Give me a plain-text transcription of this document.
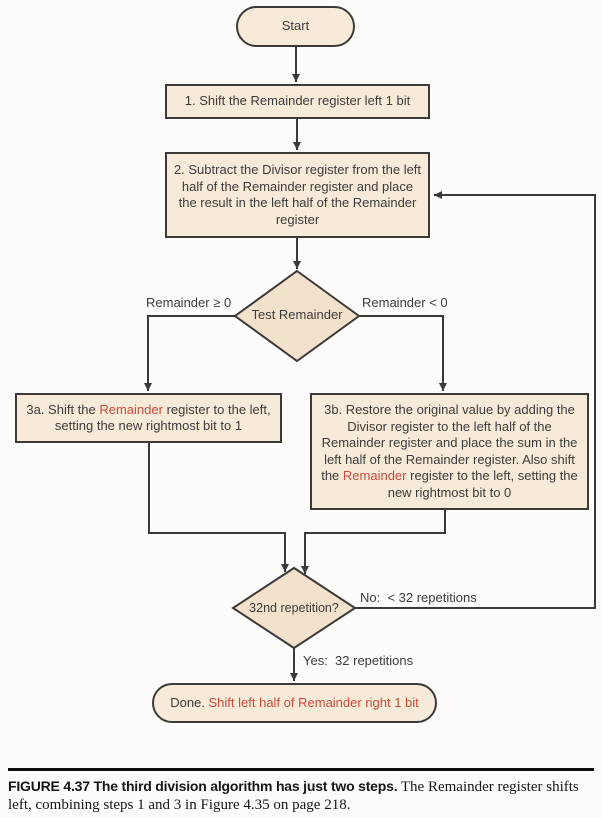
Start
1. Shift the Remainder register left 1 bit
2. Subtract the Divisor register from the left half of the Remainder register and place the result in the left half of the Remainder register
Test Remainder
Remainder ≥ 0	Remainder < 0
3a. Shift the Remainder register to the left, setting the new rightmost bit to 1
3b. Restore the original value by adding the Divisor register to the left half of the Remainder register and place the sum in the left half of the Remainder register. Also shift the Remainder register to the left, setting the new rightmost bit to 0
32nd repetition?
No:  < 32 repetitions
Yes:  32 repetitions
Done. Shift left half of Remainder right 1 bit
FIGURE 4.37 The third division algorithm has just two steps. The Remainder register shifts left, combining steps 1 and 3 in Figure 4.35 on page 218.
